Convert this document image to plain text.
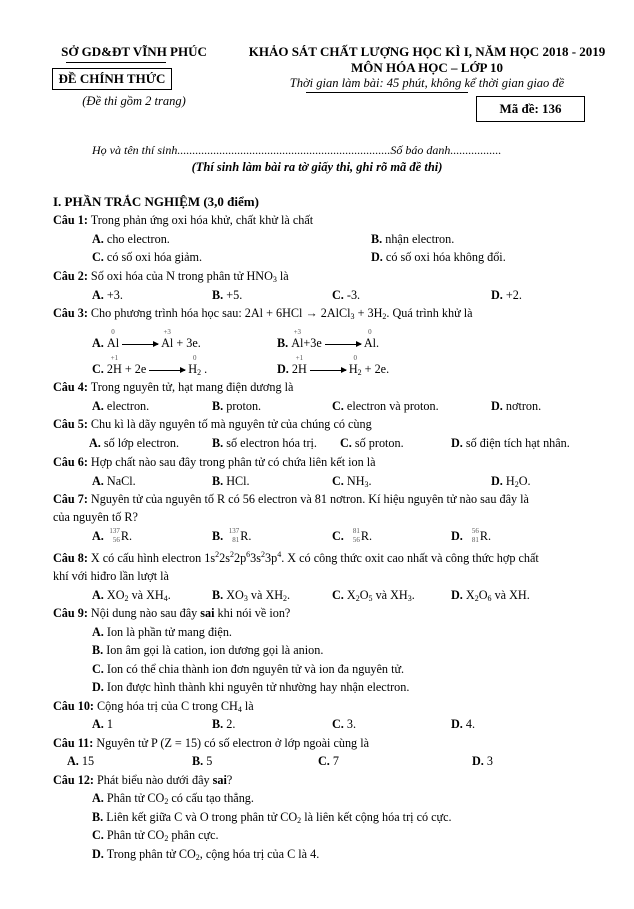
SỞ GD&ĐT VĨNH PHÚC
ĐỀ CHÍNH THỨC
(Đề thi gồm 2 trang)
KHẢO SÁT CHẤT LƯỢNG HỌC KÌ I, NĂM HỌC 2018 - 2019
MÔN HÓA HỌC – LỚP 10
Thời gian làm bài: 45 phút, không kể thời gian giao đề
Mã đề: 136
Họ và tên thí sinh.......................................................................Số báo danh.................
(Thí sinh làm bài ra tờ giấy thi, ghi rõ mã đề thi)
I. PHẦN TRẮC NGHIỆM (3,0 điểm)
Câu 1: Trong phản ứng oxi hóa khử, chất khử là chất
A. cho electron.	B. nhận electron.
C. có số oxi hóa giảm.	D. có số oxi hóa không đổi.
Câu 2: Số oxi hóa của N trong phân tử $HNO_3$ là
A. +3.	B. +5.	C. -3.	D. +2.
Câu 3: Cho phương trình hóa học sau: 2Al + 6HCl → 2AlCl$_3$ + $3H_2$. Quá trình khử là
A.
0
Al →
+3
Al + 3e.	B.
+3
Al+3e →
0
Al.
C.
+1
2H + 2e →
0
$H_2$ .	D.
+1
2H →
0
$H_2 + 2e$.
Câu 4: Trong nguyên tử, hạt mang điện dương là
A. electron.	B. proton.	C. electron và proton.	D. nơtron.
Câu 5: Chu kì là dãy nguyên tố mà nguyên tử của chúng có cùng
A. số lớp electron.	B. số electron hóa trị. C. số proton.	D. số điện tích hạt nhân.
Câu 6: Hợp chất nào sau đây trong phân tử có chứa liên kết ion là
A. NaCl.	B. HCl.	C. $NH_3$.	D. $H_2O$.
Câu 7: Nguyên tử của nguyên tố R có 56 electron và 81 nơtron. Kí hiệu nguyên tử nào sau đây là
của nguyên tố R?
A. 137
56 R.	B. 137
81 R.	C. 81
56 R.	D. 56
81 R.
Câu 8: X có cấu hình electron $1s^22s^22p^63s^23p^4$. X có công thức oxit cao nhất và công thức hợp chất
khí với hiđro lần lượt là
A. $XO_2$ và $XH_4$.	B. $XO_3$ và $XH_2$.	C. $X_2O_5$ và $XH_3$.	D. $X_2O_6$ và XH.
Câu 9: Nội dung nào sau đây sai khi nói về ion?
A. Ion là phần tử mang điện.
B. Ion âm gọi là cation, ion dương gọi là anion.
C. Ion có thể chia thành ion đơn nguyên tử và ion đa nguyên tử.
D. Ion được hình thành khi nguyên tử nhường hay nhận electron.
Câu 10: Cộng hóa trị của C trong $CH_4$ là
A. 1	B. 2.	C. 3.	D. 4.
Câu 11: Nguyên tử P (Z = 15) có số electron ở lớp ngoài cùng là
A. 15	B. 5	C. 7	D. 3
Câu 12: Phát biểu nào dưới đây sai?
A. Phân tử $CO_2$ có cấu tạo thẳng.
B. Liên kết giữa C và O trong phân tử $CO_2$ là liên kết cộng hóa trị có cực.
C. Phân tử $CO_2$ phân cực.
D. Trong phân tử $CO_2$, cộng hóa trị của C là 4.
